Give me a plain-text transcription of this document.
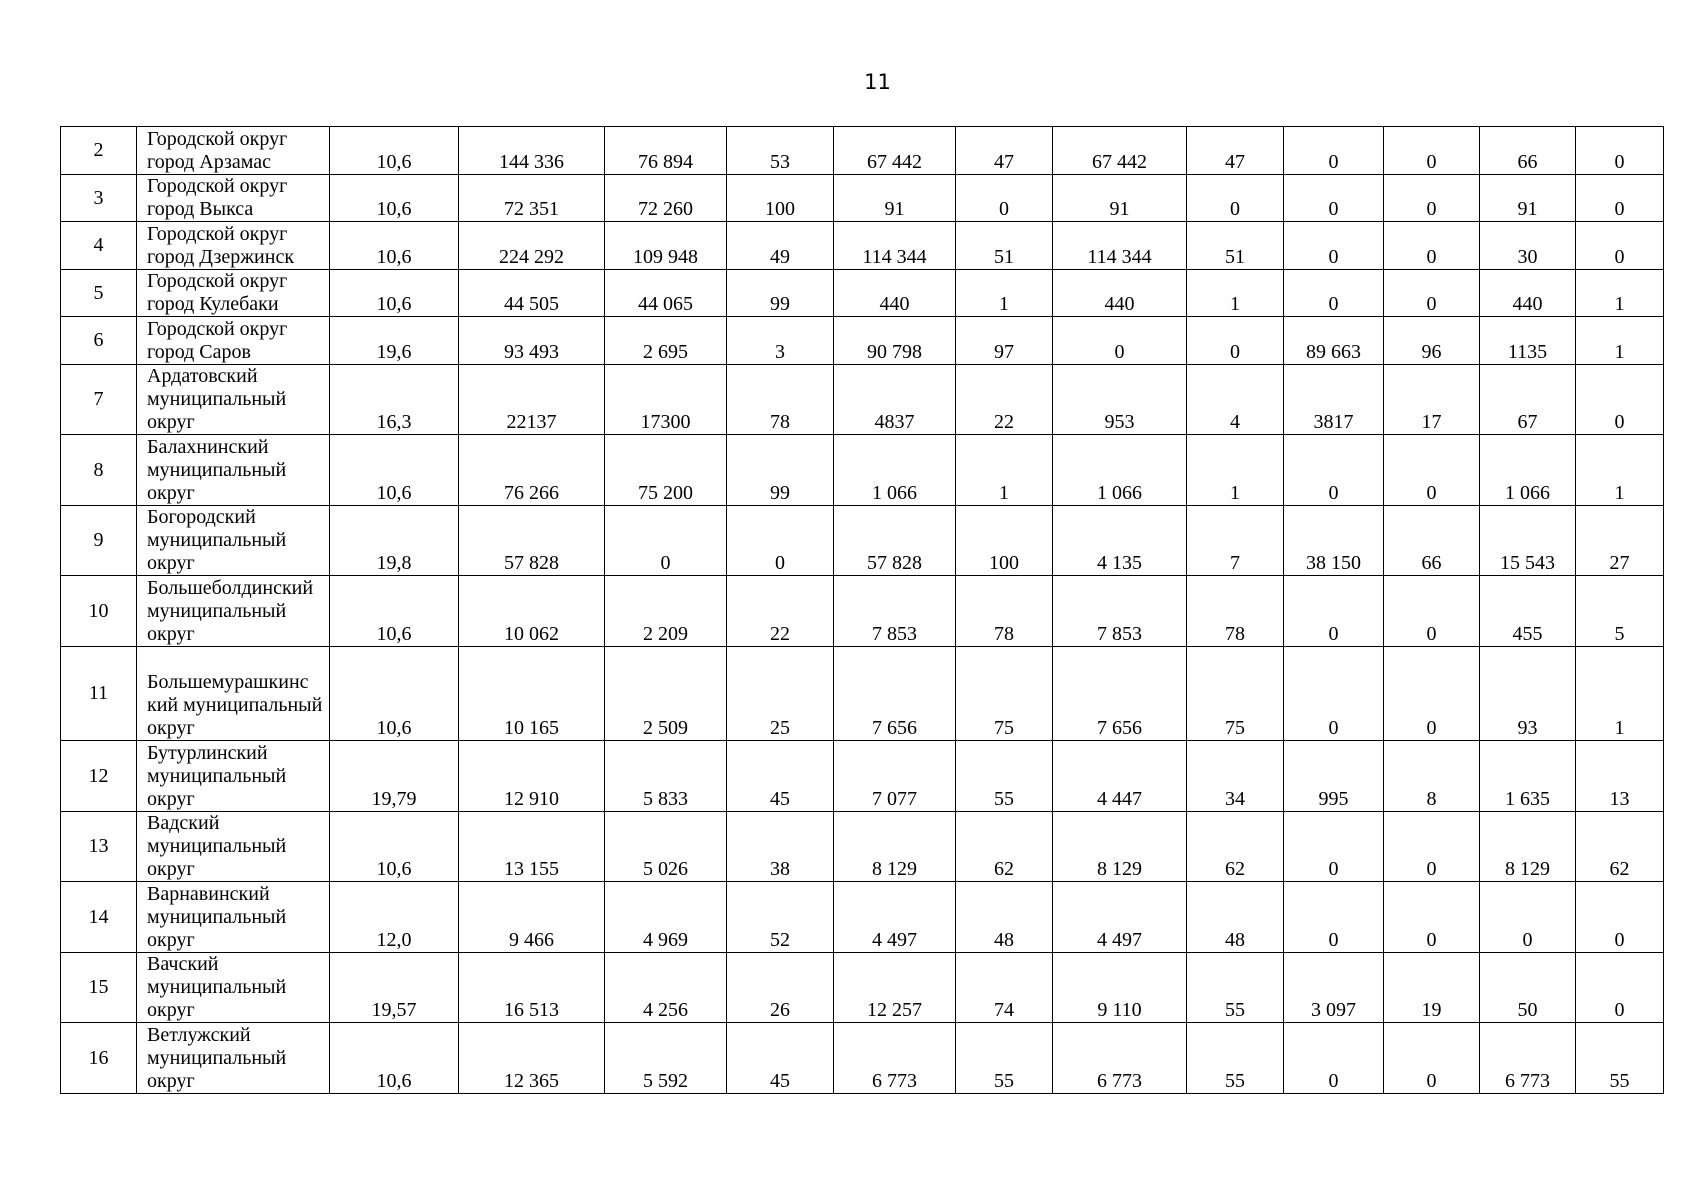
11
2	Городской округ город Арзамас	10,6	144 336	76 894	53	67 442	47	67 442	47	0	0	66	0
3	Городской округ город Выкса	10,6	72 351	72 260	100	91	0	91	0	0	0	91	0
4	Городской округ город Дзержинск	10,6	224 292	109 948	49	114 344	51	114 344	51	0	0	30	0
5	Городской округ город Кулебаки	10,6	44 505	44 065	99	440	1	440	1	0	0	440	1
6	Городской округ город Саров	19,6	93 493	2 695	3	90 798	97	0	0	89 663	96	1135	1
7	Ардатовский муниципальный округ	16,3	22137	17300	78	4837	22	953	4	3817	17	67	0
8	Балахнинский муниципальный округ	10,6	76 266	75 200	99	1 066	1	1 066	1	0	0	1 066	1
9	Богородский муниципальный округ	19,8	57 828	0	0	57 828	100	4 135	7	38 150	66	15 543	27
10	Большеболдинский муниципальный округ	10,6	10 062	2 209	22	7 853	78	7 853	78	0	0	455	5
11	Большемурашкинс кий муниципальный округ	10,6	10 165	2 509	25	7 656	75	7 656	75	0	0	93	1
12	Бутурлинский муниципальный округ	19,79	12 910	5 833	45	7 077	55	4 447	34	995	8	1 635	13
13	Вадский муниципальный округ	10,6	13 155	5 026	38	8 129	62	8 129	62	0	0	8 129	62
14	Варнавинский муниципальный округ	12,0	9 466	4 969	52	4 497	48	4 497	48	0	0	0	0
15	Вачский муниципальный округ	19,57	16 513	4 256	26	12 257	74	9 110	55	3 097	19	50	0
16	Ветлужский муниципальный округ	10,6	12 365	5 592	45	6 773	55	6 773	55	0	0	6 773	55
